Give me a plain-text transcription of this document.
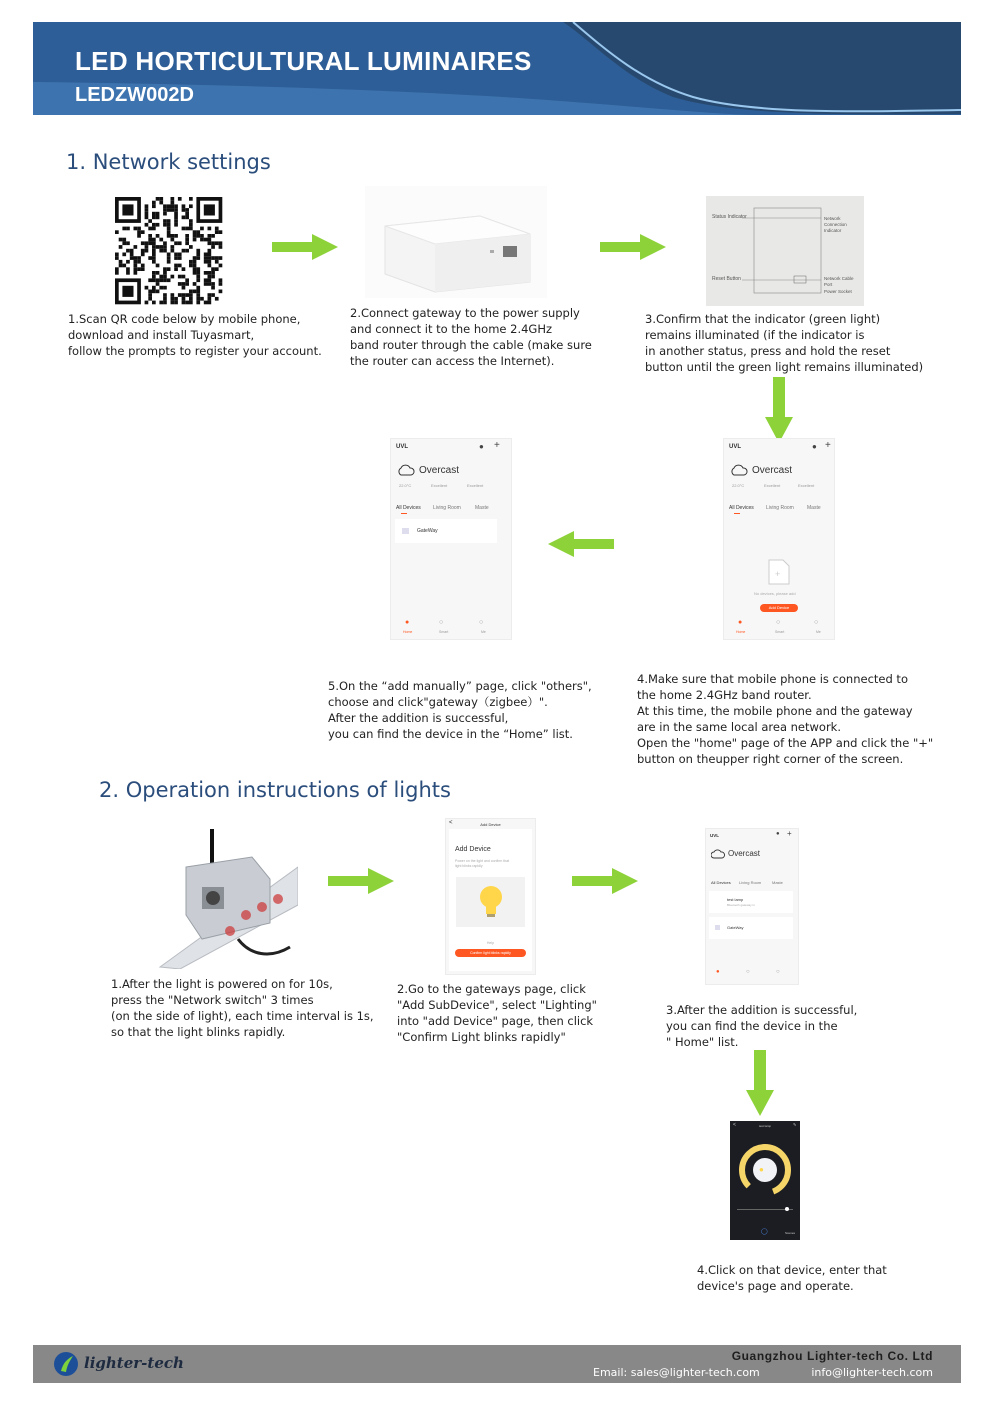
LED HORTICULTURAL LUMINAIRES
LEDZW002D
1. Network settings
Status Indicator	Network Connection Indicator
Reset Button	Network Cable Port
Power Socket
1.Scan QR code below by mobile phone,
download and install Tuyasmart,
follow the prompts to register your account.
2.Connect gateway to the power supply
and connect it to the home 2.4GHz
band router through the cable (make sure
the router can access the Internet).
3.Confirm that the indicator (green light)
remains illuminated (if the indicator is
in another status, press and hold the reset
button until the green light remains illuminated)
UVL	● +
Overcast
22.0°C	Excellent	Excellent
All Devices Living Room	Maste
GateWay
●	○	○
Home	Smart	Me
UVL	● +
Overcast
22.0°C	Excellent	Excellent
All Devices Living Room	Maste
+
No devices, please add
Add Device
●	○	○
Home	Smart	Me
5.On the “add manually” page, click "others",
choose and click"gateway（zigbee）".
After the addition is successful,
you can find the device in the “Home” list.
4.Make sure that mobile phone is connected to
the home 2.4GHz band router.
At this time, the mobile phone and the gateway
are in the same local area network.
Open the "home" page of the APP and click the "+"
button on theupper right corner of the screen.
2. Operation instructions of lights
<	Add Device
Add Device
Power on the light and confirm that light blinks rapidly
Help
Confirm light blinks rapidly
UVL	● +
Overcast
All Devices Living Room	Maste
test lamp
Bluetooth gateway in
GateWay
●	○	○
1.After the light is powered on for 10s,
press the "Network switch" 3 times
(on the side of light), each time interval is 1s,
so that the light blinks rapidly.
2.Go to the gateways page, click
"Add SubDevice", select "Lighting"
into "add Device" page, then click
"Confirm Light blinks rapidly"
3.After the addition is successful,
you can find the device in the
" Home" list.
<	test lamp	✎
●
◯	Scenes
4.Click on that device, enter that
device's page and operate.
lighter-tech	Guangzhou Lighter-tech Co. Ltd
Email: sales@lighter-tech.com	info@lighter-tech.com
